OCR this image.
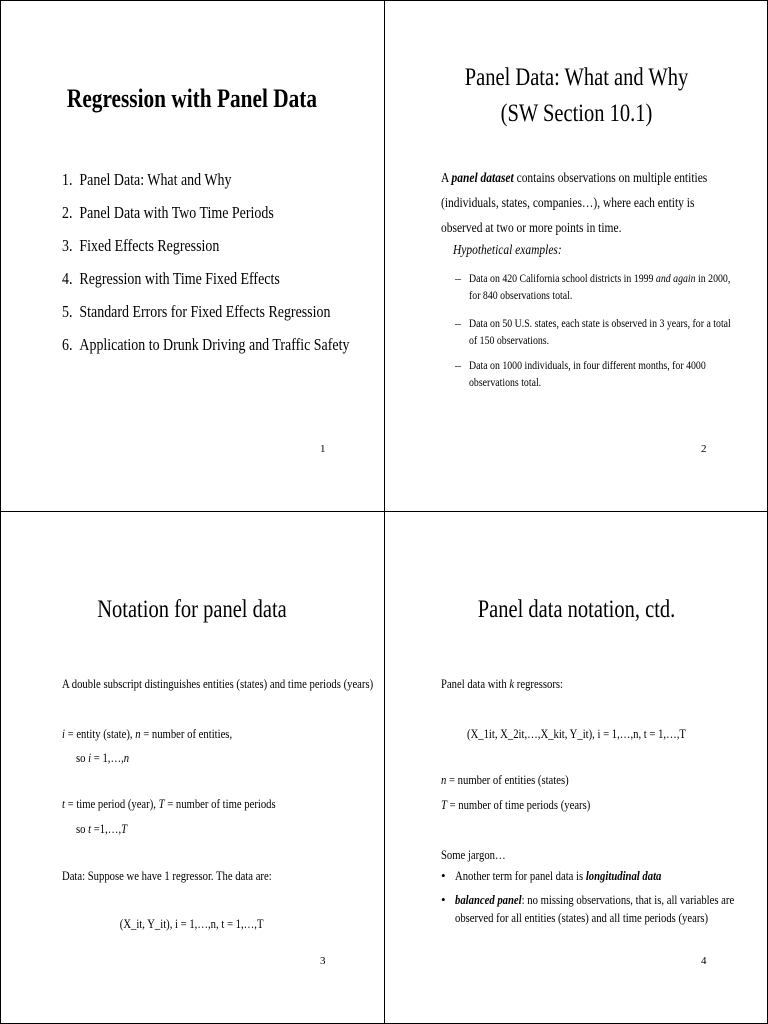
Regression with Panel Data
1.  Panel Data: What and Why
2.  Panel Data with Two Time Periods
3.  Fixed Effects Regression
4.  Regression with Time Fixed Effects
5.  Standard Errors for Fixed Effects Regression
6.  Application to Drunk Driving and Traffic Safety
1
Panel Data: What and Why
(SW Section 10.1)
A panel dataset contains observations on multiple entities
(individuals, states, companies…), where each entity is
observed at two or more points in time.
Hypothetical examples:
– Data on 420 California school districts in 1999 and again in 2000,
for 840 observations total.
– Data on 50 U.S. states, each state is observed in 3 years, for a total
of 150 observations.
– Data on 1000 individuals, in four different months, for 4000
observations total.
2
Notation for panel data
A double subscript distinguishes entities (states) and time periods (years)
i = entity (state), n = number of entities,
so i = 1,…,n
t = time period (year), T = number of time periods
so t =1,…,T
Data: Suppose we have 1 regressor. The data are:
(X_it, Y_it), i = 1,…,n, t = 1,…,T
3
Panel data notation, ctd.
Panel data with k regressors:
(X_1it, X_2it,…,X_kit, Y_it), i = 1,…,n, t = 1,…,T
n = number of entities (states)
T = number of time periods (years)
Some jargon…
• Another term for panel data is longitudinal data
• balanced panel: no missing observations, that is, all variables are
observed for all entities (states) and all time periods (years)
4
